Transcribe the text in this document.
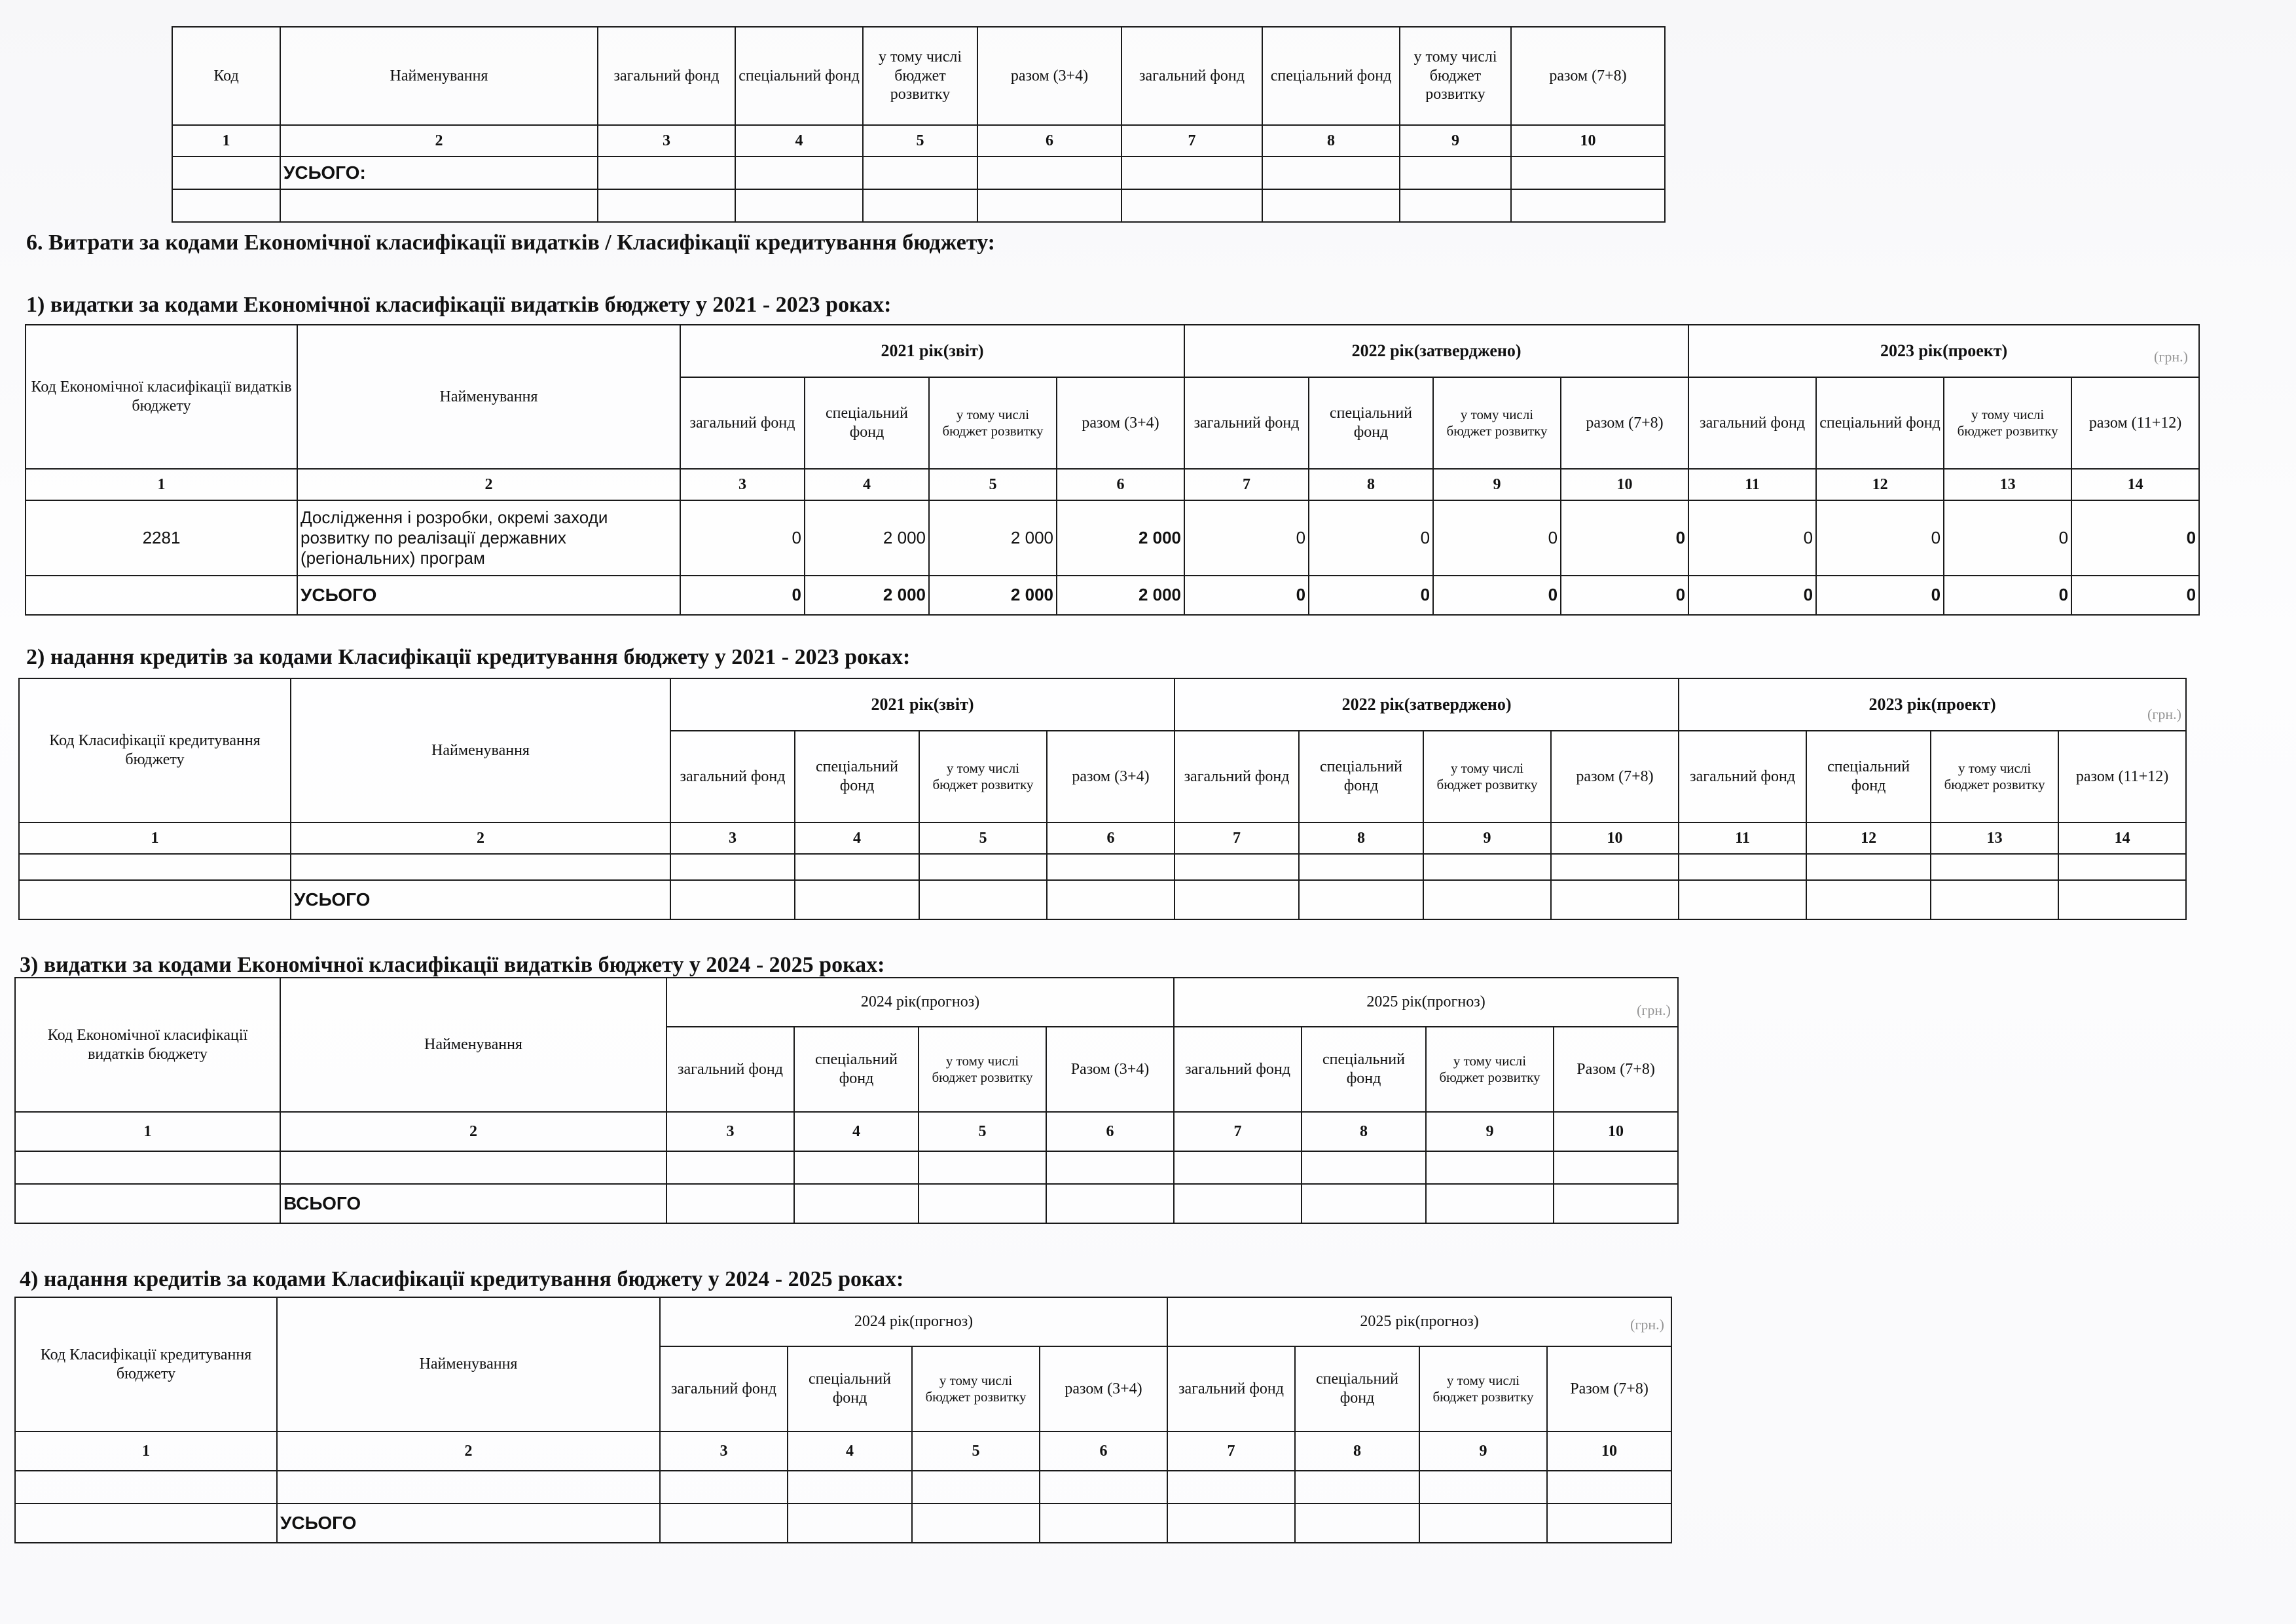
Код	Найменування	загальний фонд	спеціальний фонд	у тому числі бюджет розвитку	разом (3+4)	загальний фонд	спеціальний фонд	у тому числі бюджет розвитку	разом (7+8)
1	2	3	4	5	6	7	8	9	10
	УСЬОГО:								

6. Витрати за кодами Економічної класифікації видатків / Класифікації кредитування бюджету:
1) видатки за кодами Економічної класифікації видатків бюджету у 2021 - 2023 роках:
Код Економічної класифікації видатків бюджету	Найменування	2021 рік(звіт)				2022 рік(затверджено)				2023 рік(проект)			
		загальний фонд	спеціальний фонд	у тому числі бюджет розвитку	разом (3+4)	загальний фонд	спеціальний фонд	у тому числі бюджет розвитку	разом (7+8)	загальний фонд	спеціальний фонд	у тому числі бюджет розвитку	разом (11+12)
1	2	3	4	5	6	7	8	9	10	11	12	13	14
2281	Дослідження і розробки, окремі заходи розвитку по реалізації державних (регіональних) програм	0	2 000	2 000	2 000	0	0	0	0	0	0	0	0
	УСЬОГО	0	2 000	2 000	2 000	0	0	0	0	0	0	0	0
2) надання кредитів за кодами Класифікації кредитування бюджету у 2021 - 2023 роках:
Код Класифікації кредитування бюджету	Найменування	2021 рік(звіт)				2022 рік(затверджено)				2023 рік(проект)			
		загальний фонд	спеціальний фонд	у тому числі бюджет розвитку	разом (3+4)	загальний фонд	спеціальний фонд	у тому числі бюджет розвитку	разом (7+8)	загальний фонд	спеціальний фонд	у тому числі бюджет розвитку	разом (11+12)
1	2	3	4	5	6	7	8	9	10	11	12	13	14

	УСЬОГО												
3) видатки за кодами Економічної класифікації видатків бюджету у 2024 - 2025 роках:
Код Економічної класифікації видатків бюджету	Найменування	2024 рік(прогноз)				2025 рік(прогноз)			
		загальний фонд	спеціальний фонд	у тому числі бюджет розвитку	Разом (3+4)	загальний фонд	спеціальний фонд	у тому числі бюджет розвитку	Разом (7+8)
1	2	3	4	5	6	7	8	9	10

	ВСЬОГО								
4) надання кредитів за кодами Класифікації кредитування бюджету у 2024 - 2025 роках:
Код Класифікації кредитування бюджету	Найменування	2024 рік(прогноз)				2025 рік(прогноз)			
		загальний фонд	спеціальний фонд	у тому числі бюджет розвитку	разом (3+4)	загальний фонд	спеціальний фонд	у тому числі бюджет розвитку	Разом (7+8)
1	2	3	4	5	6	7	8	9	10

	УСЬОГО								
